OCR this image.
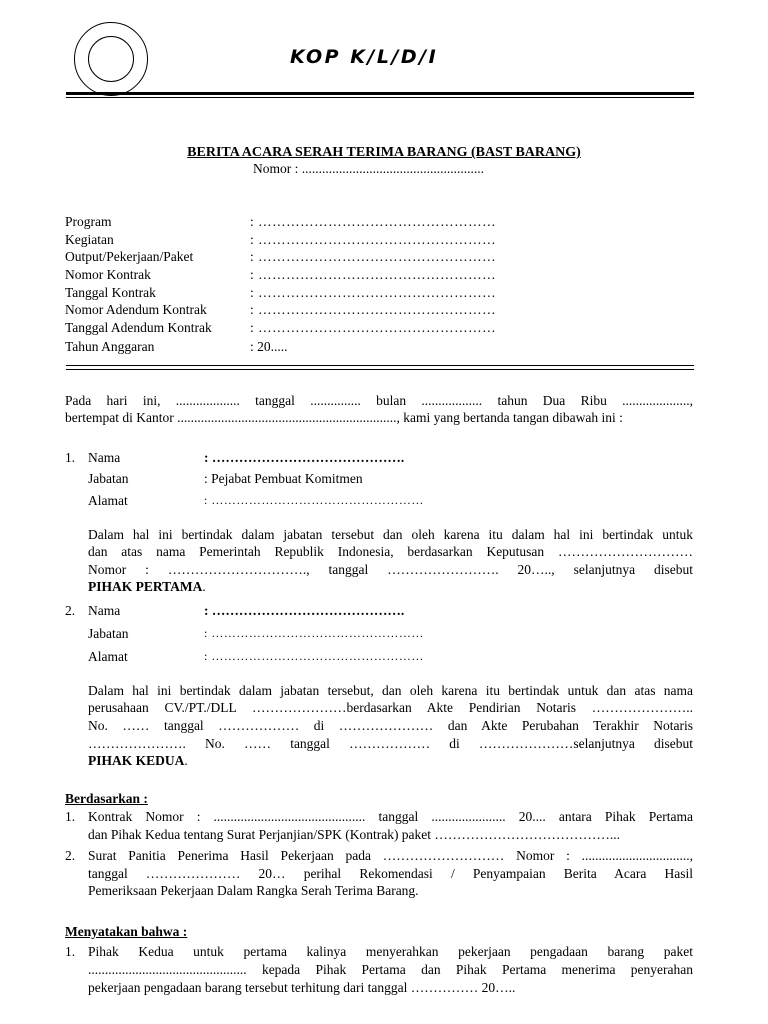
KOP K/L/D/I
BERITA ACARA SERAH TERIMA BARANG (BAST BARANG)
Nomor : ......................................................
Program	: ……………………………………………
Kegiatan	: ……………………………………………
Output/Pekerjaan/Paket	: ……………………………………………
Nomor Kontrak	: ……………………………………………
Tanggal Kontrak	: ……………………………………………
Nomor Adendum Kontrak	: ……………………………………………
Tanggal Adendum Kontrak	: ……………………………………………
Tahun Anggaran	: 20.....
Pada hari ini, ................... tanggal ............... bulan .................. tahun Dua Ribu ....................,
bertempat di Kantor ................................................................., kami yang bertanda tangan dibawah ini :
1. Nama	: …………………………………….
Jabatan	: Pejabat Pembuat Komitmen
Alamat	: ……………………………………………
Dalam hal ini bertindak dalam jabatan tersebut dan oleh karena itu dalam hal ini bertindak untuk
dan atas nama Pemerintah Republik Indonesia, berdasarkan Keputusan …………………………
Nomor : …………………………., tanggal ……………………. 20….., selanjutnya disebut
PIHAK PERTAMA.
2. Nama	: …………………………………….
Jabatan	: ……………………………………………
Alamat	: ……………………………………………
Dalam hal ini bertindak dalam jabatan tersebut, dan oleh karena itu bertindak untuk dan atas nama
perusahaan CV./PT./DLL …………………berdasarkan Akte Pendirian Notaris …………………..
No. …… tanggal ……………… di ………………… dan Akte Perubahan Terakhir Notaris
…………………. No. …… tanggal ……………… di …………………selanjutnya disebut
PIHAK KEDUA.
Berdasarkan :
1. Kontrak Nomor : ............................................. tanggal ...................... 20.... antara Pihak Pertama
dan Pihak Kedua tentang Surat Perjanjian/SPK (Kontrak) paket …………………………………...
2. Surat Panitia Penerima Hasil Pekerjaan pada ……………………… Nomor : ................................,
tanggal ………………… 20… perihal Rekomendasi / Penyampaian Berita Acara Hasil
Pemeriksaan Pekerjaan Dalam Rangka Serah Terima Barang.
Menyatakan bahwa :
1. Pihak Kedua untuk pertama kalinya menyerahkan pekerjaan pengadaan barang paket
............................................... kepada Pihak Pertama dan Pihak Pertama menerima penyerahan
pekerjaan pengadaan barang tersebut terhitung dari tanggal …………… 20…..
